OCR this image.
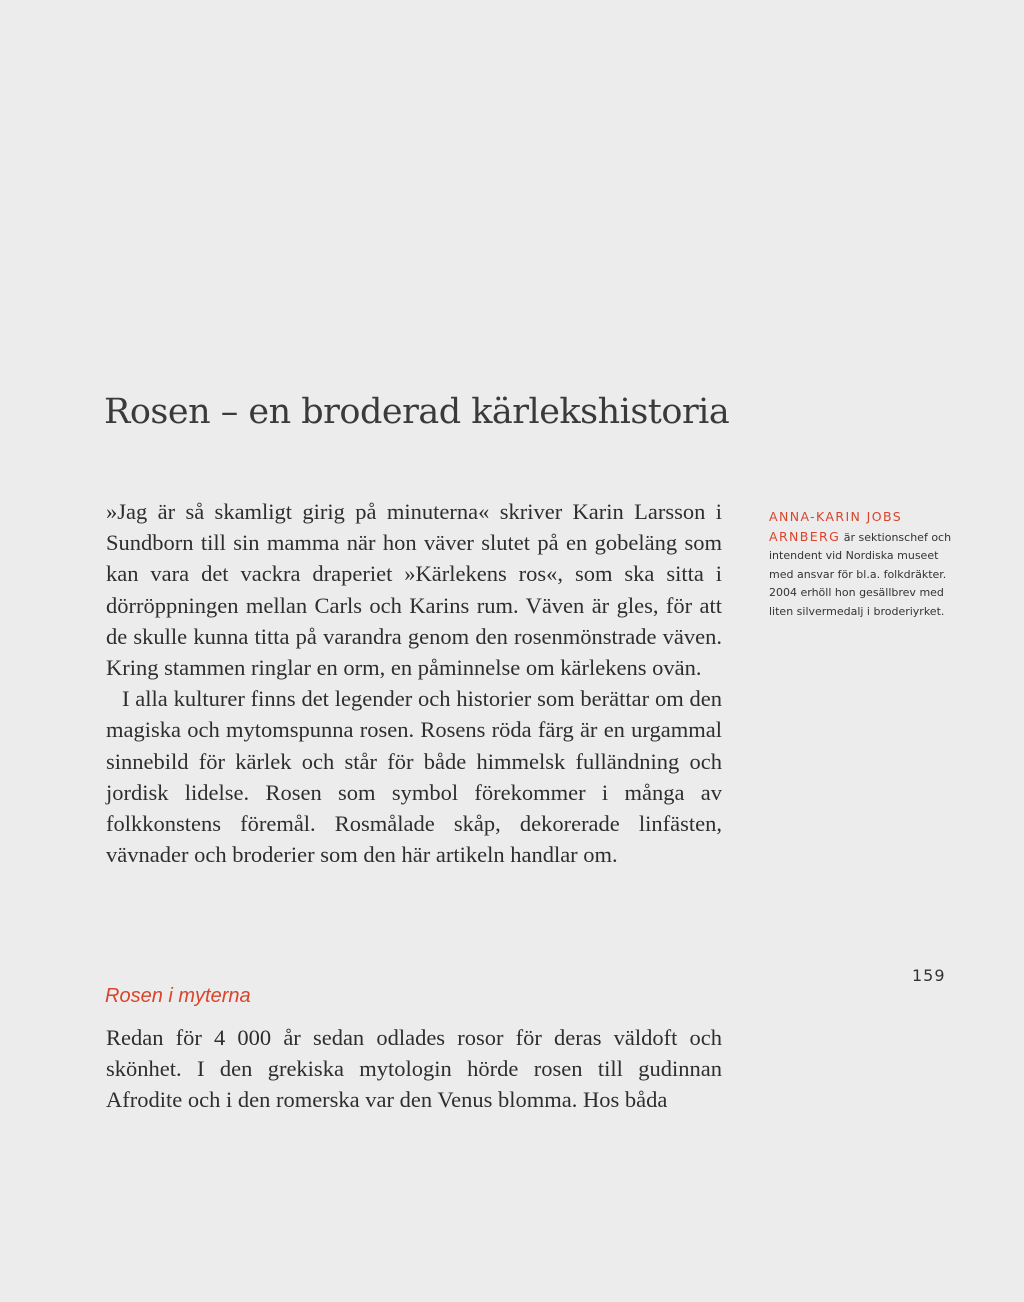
Rosen – en broderad kärlekshistoria

»Jag är så skamligt girig på minuterna« skriver Karin Larsson i Sundborn till sin mamma när hon väver slutet på en gobeläng som kan vara det vackra draperiet »Kärlekens ros«, som ska sitta i dörröppningen mellan Carls och Karins rum. Väven är gles, för att de skulle kunna titta på varandra genom den rosenmönstrade väven. Kring stammen ringlar en orm, en påminnelse om kärlekens ovän.

I alla kulturer finns det legender och historier som berättar om den magiska och mytomspunna rosen. Rosens röda färg är en urgammal sinnebild för kärlek och står för både himmelsk fulländning och jordisk lidelse. Rosen som symbol förekommer i många av folkkonstens föremål. Rosmålade skåp, dekorerade linfästen, vävnader och broderier som den här artikeln handlar om.

Rosen i myterna

Redan för 4 000 år sedan odlades rosor för deras väldoft och skönhet. I den grekiska mytologin hörde rosen till gudinnan Afrodite och i den romerska var den Venus blomma. Hos båda

ANNA-KARIN JOBS ARNBERG är sektionschef och intendent vid Nordiska museet med ansvar för bl.a. folkdräkter. 2004 erhöll hon gesällbrev med liten silvermedalj i broderiyrket.
159
